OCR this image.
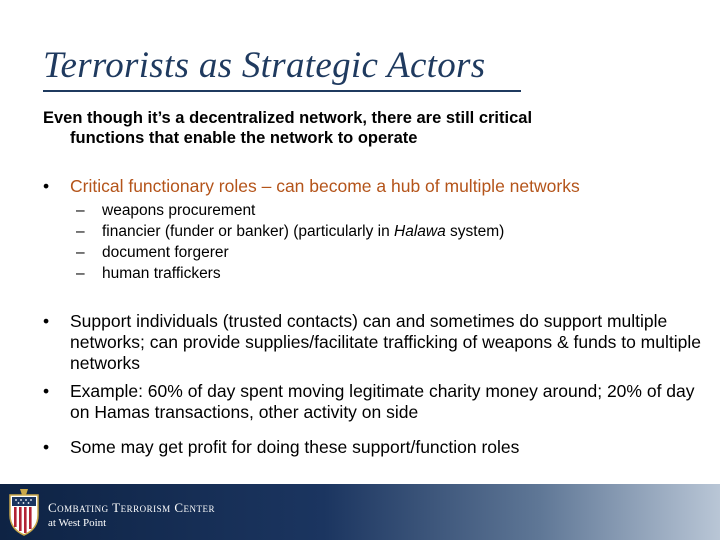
Terrorists as Strategic Actors
Even though it’s a decentralized network, there are still critical
functions that enable the network to operate
•	Critical functionary roles – can become a hub of multiple networks
– weapons procurement
– financier (funder or banker) (particularly in Halawa system)
– document forgerer
– human traffickers
•	Support individuals (trusted contacts) can and sometimes do support multiple networks; can provide supplies/facilitate trafficking of weapons & funds to multiple networks
•	Example: 60% of day spent moving legitimate charity money around; 20% of day on Hamas transactions, other activity on side
•	Some may get profit for doing these support/function roles
Combating Terrorism Center
at West Point
